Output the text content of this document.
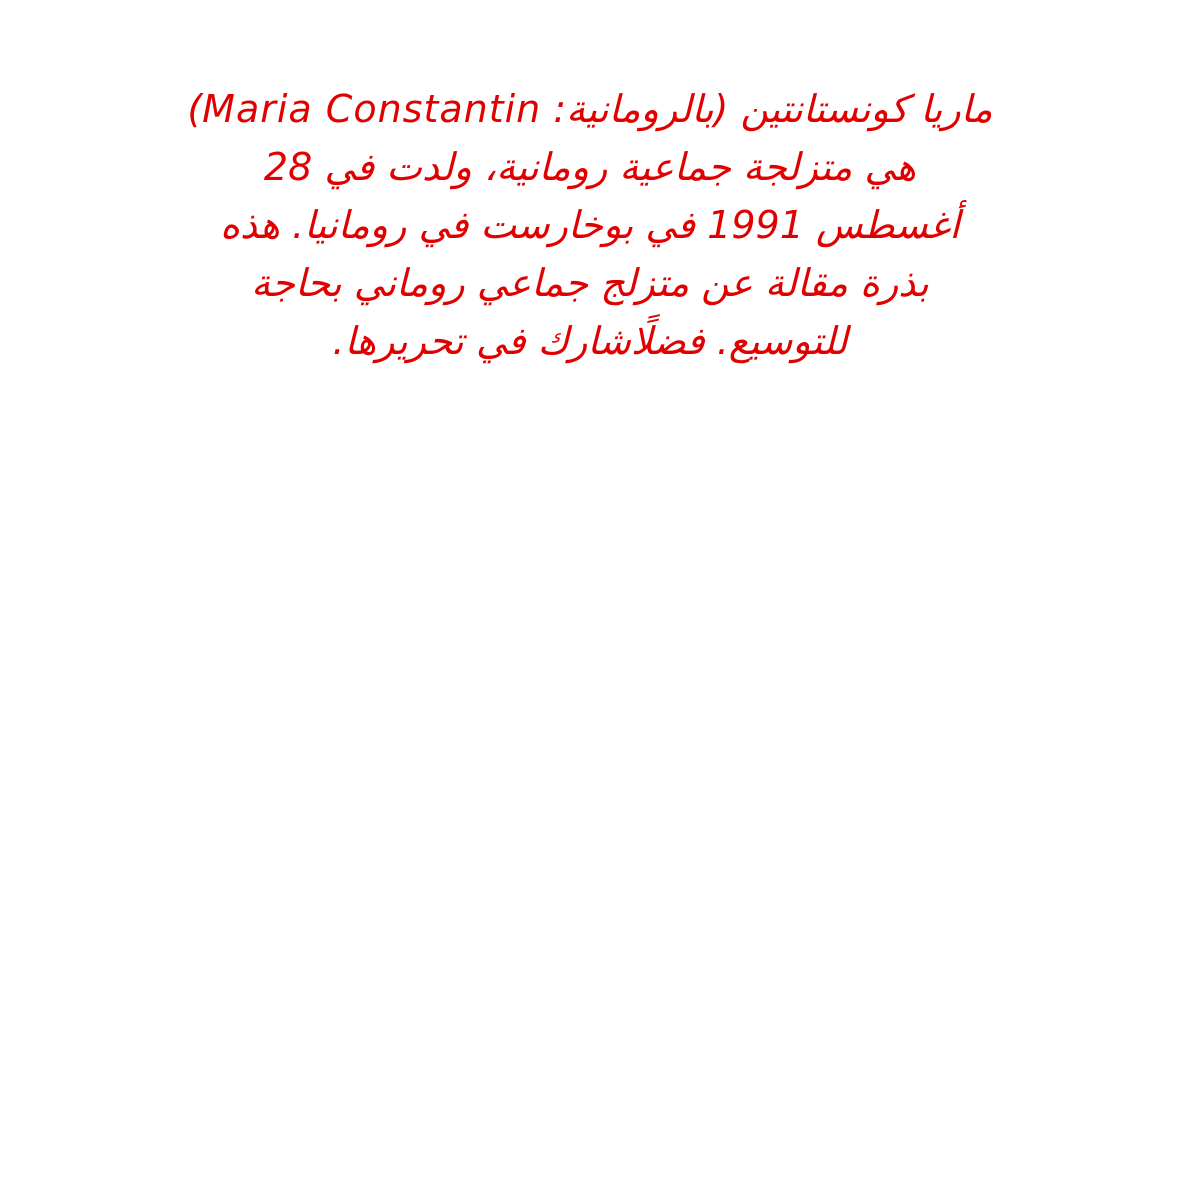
ماريا كونستانتين (بالرومانية: Maria Constantin)
هي متزلجة جماعية رومانية، ولدت في 28
أغسطس 1991 في بوخارست في رومانيا. هذه
بذرة مقالة عن متزلج جماعي روماني بحاجة
للتوسيع. فضلًاشارك في تحريرها.
